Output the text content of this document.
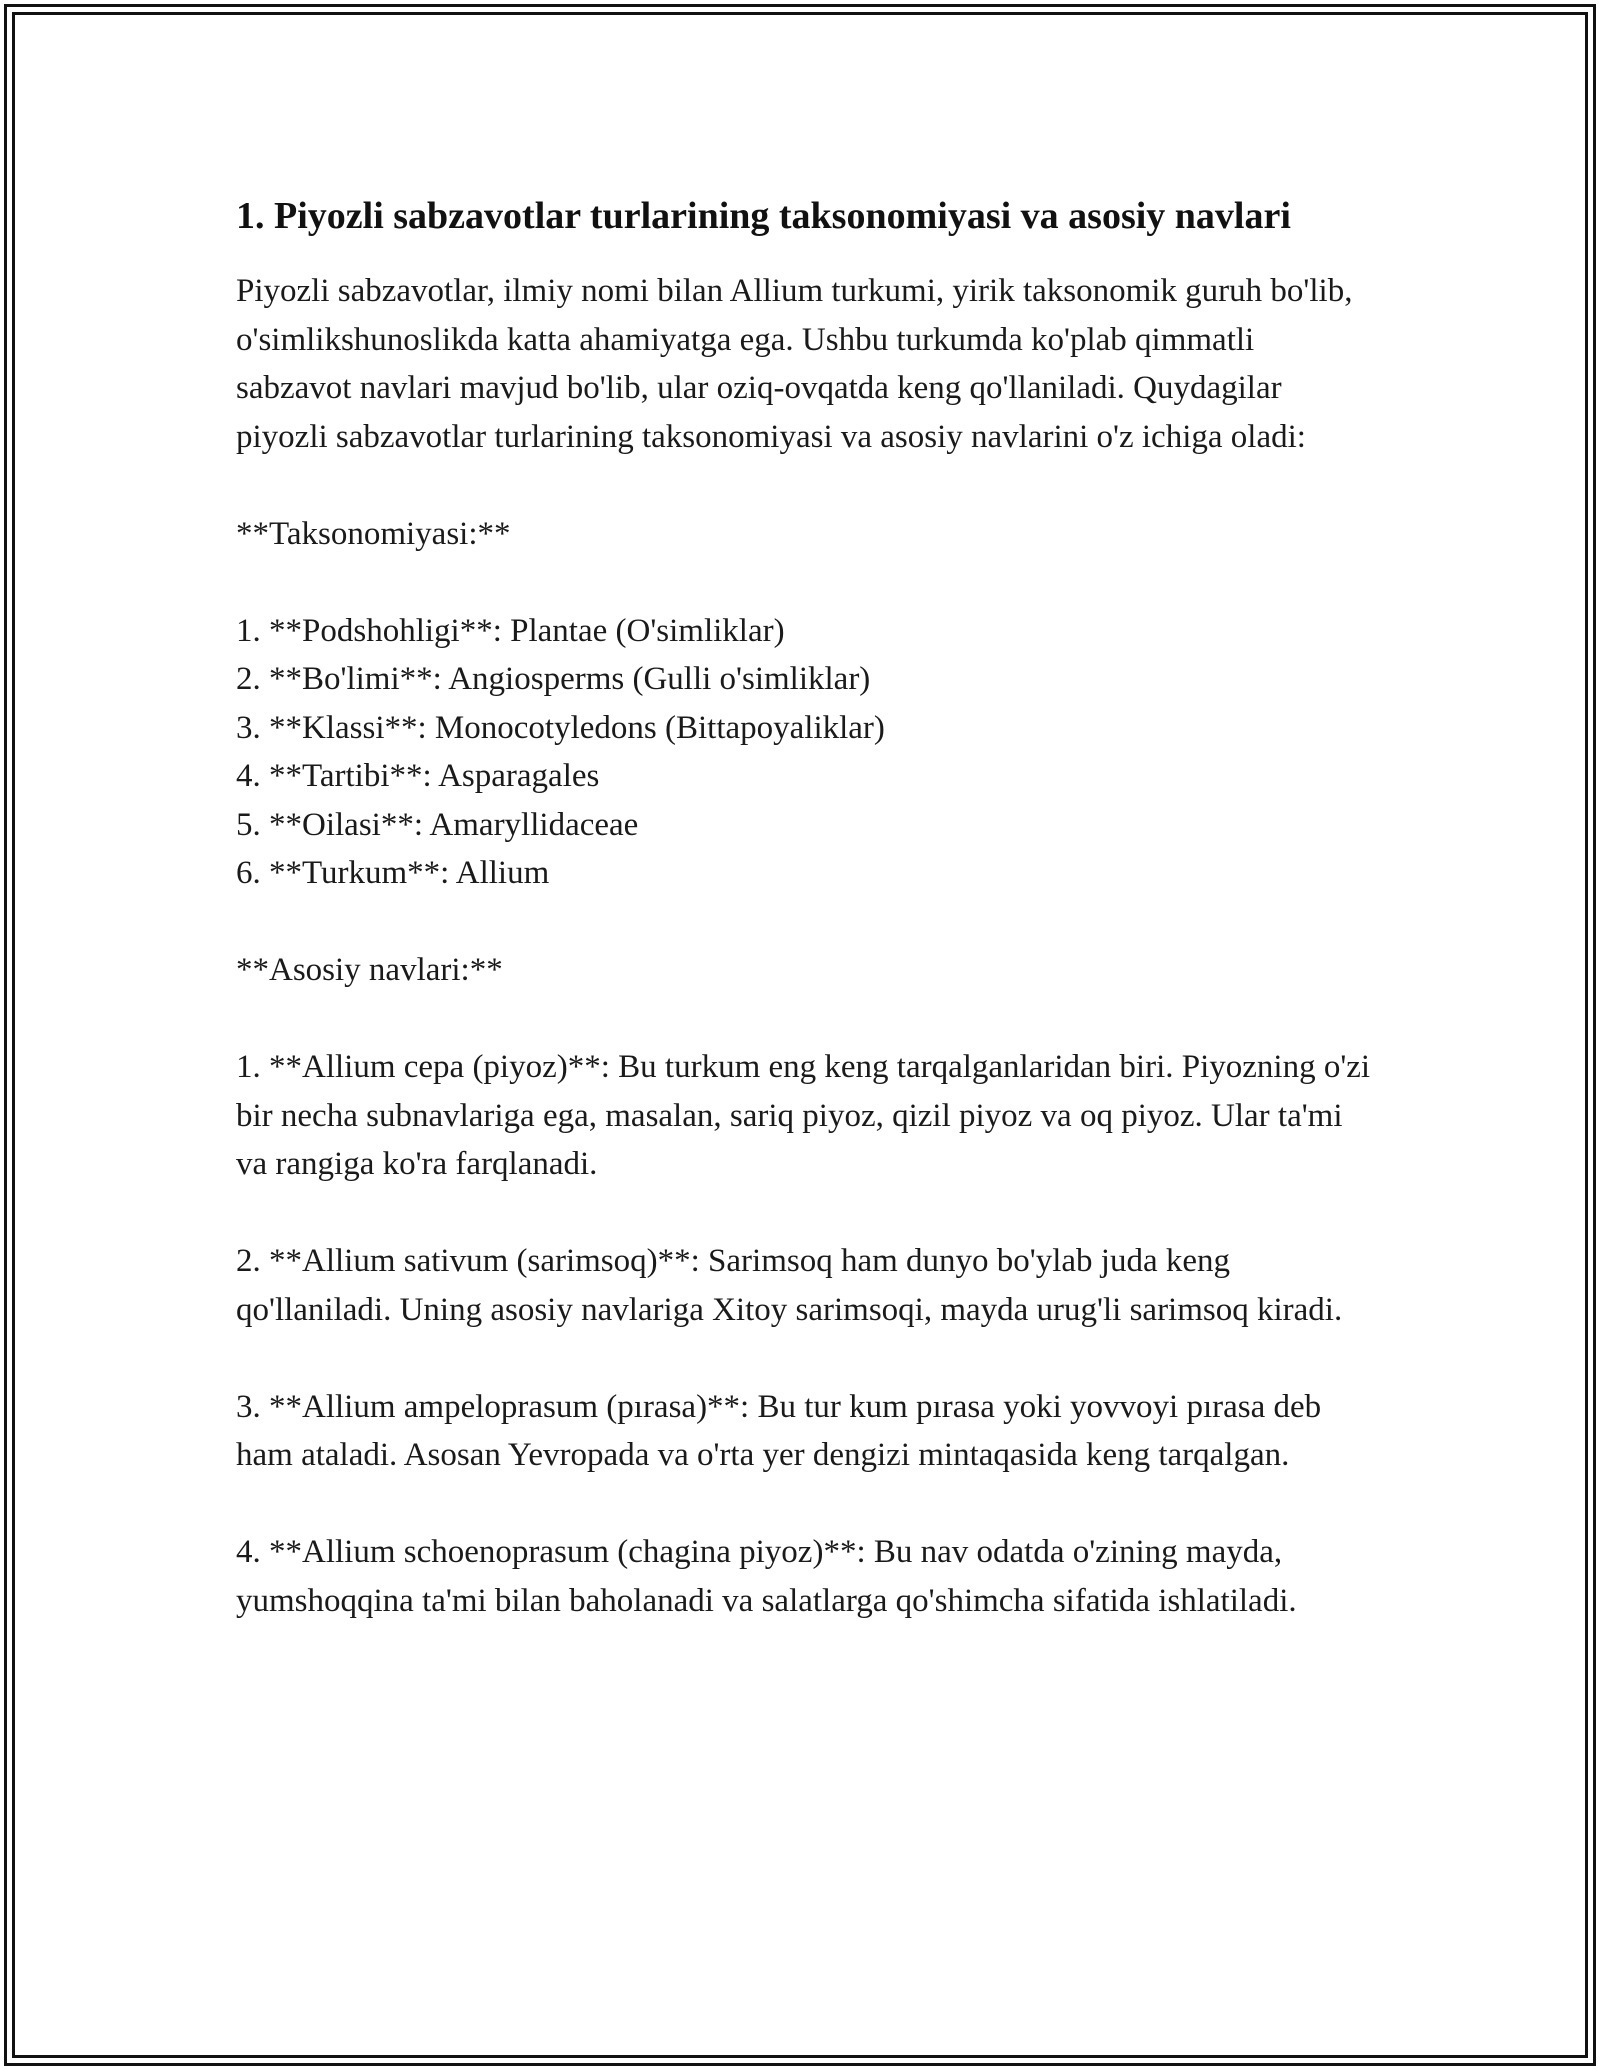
1. Piyozli sabzavotlar turlarining taksonomiyasi va asosiy navlari

Piyozli sabzavotlar, ilmiy nomi bilan Allium turkumi, yirik taksonomik guruh bo'lib, o'simlikshunoslikda katta ahamiyatga ega. Ushbu turkumda ko'plab qimmatli sabzavot navlari mavjud bo'lib, ular oziq-ovqatda keng qo'llaniladi. Quydagilar piyozli sabzavotlar turlarining taksonomiyasi va asosiy navlarini o'z ichiga oladi:

**Taksonomiyasi:**

1. **Podshohligi**: Plantae (O'simliklar)

2. **Bo'limi**: Angiosperms (Gulli o'simliklar)

3. **Klassi**: Monocotyledons (Bittapoyaliklar)

4. **Tartibi**: Asparagales

5. **Oilasi**: Amaryllidaceae

6. **Turkum**: Allium

**Asosiy navlari:**

1. **Allium cepa (piyoz)**: Bu turkum eng keng tarqalganlaridan biri. Piyozning o'zi bir necha subnavlariga ega, masalan, sariq piyoz, qizil piyoz va oq piyoz. Ular ta'mi va rangiga ko'ra farqlanadi.

2. **Allium sativum (sarimsoq)**: Sarimsoq ham dunyo bo'ylab juda keng qo'llaniladi. Uning asosiy navlariga Xitoy sarimsoqi, mayda urug'li sarimsoq kiradi.

3. **Allium ampeloprasum (pırasa)**: Bu tur kum pırasa yoki yovvoyi pırasa deb ham ataladi. Asosan Yevropada va o'rta yer dengizi mintaqasida keng tarqalgan.

4. **Allium schoenoprasum (chagina piyoz)**: Bu nav odatda o'zining mayda, yumshoqqina ta'mi bilan baholanadi va salatlarga qo'shimcha sifatida ishlatiladi.
